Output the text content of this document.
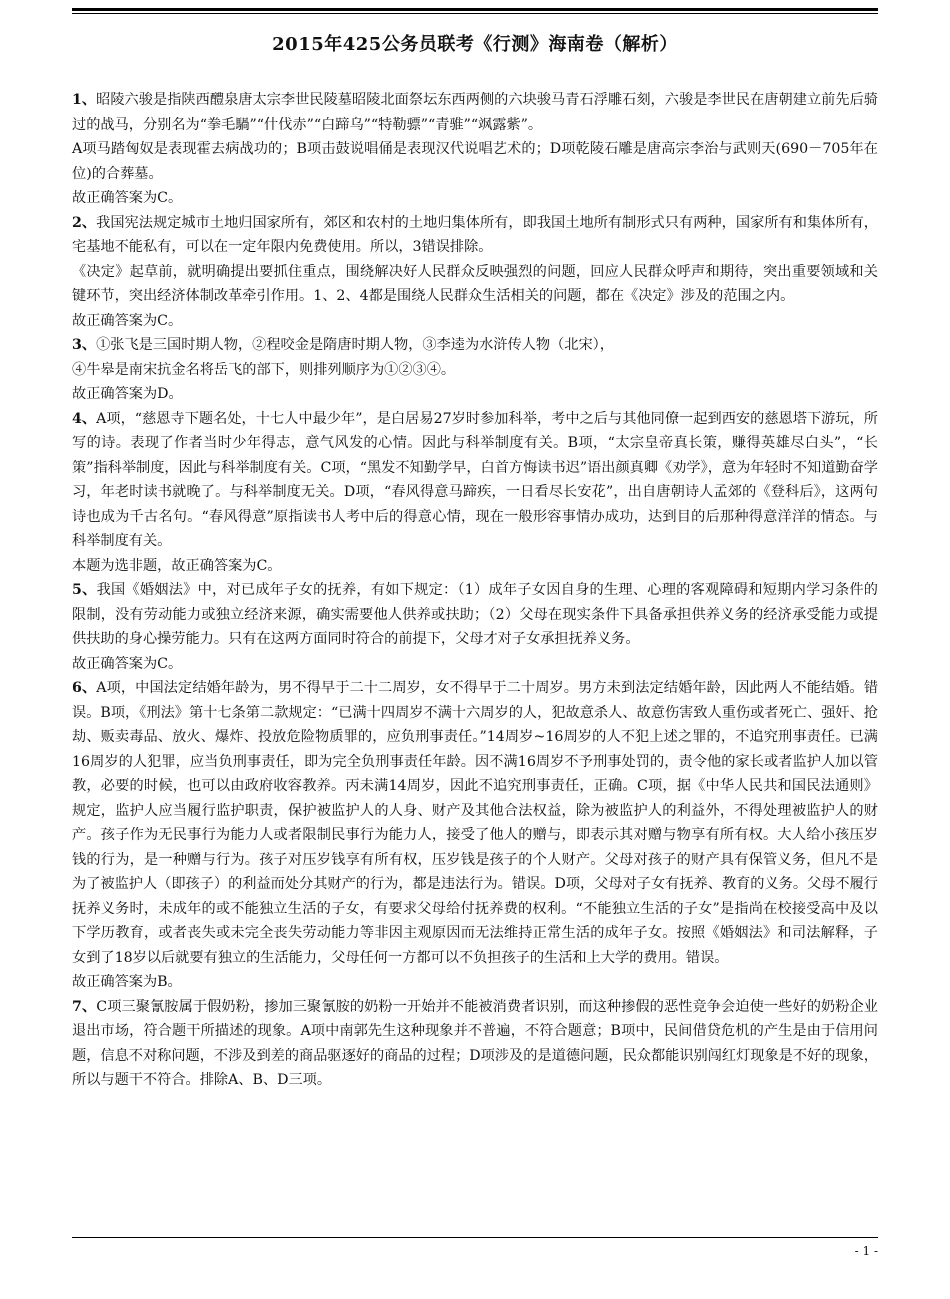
2015年425公务员联考《行测》海南卷（解析）

1、昭陵六骏是指陕西醴泉唐太宗李世民陵墓昭陵北面祭坛东西两侧的六块骏马青石浮雕石刻，六骏是李世民在唐朝建立前先后骑过的战马，分别名为“拳毛騧”“什伐赤”“白蹄乌”“特勒骠”“青骓”“飒露紫”。

A项马踏匈奴是表现霍去病战功的；B项击鼓说唱俑是表现汉代说唱艺术的；D项乾陵石雕是唐高宗李治与武则天(690－705年在位)的合葬墓。

故正确答案为C。

2、我国宪法规定城市土地归国家所有，郊区和农村的土地归集体所有，即我国土地所有制形式只有两种，国家所有和集体所有，宅基地不能私有，可以在一定年限内免费使用。所以，3错误排除。

《决定》起草前，就明确提出要抓住重点，围绕解决好人民群众反映强烈的问题，回应人民群众呼声和期待，突出重要领域和关键环节，突出经济体制改革牵引作用。1、2、4都是围绕人民群众生活相关的问题，都在《决定》涉及的范围之内。

故正确答案为C。

3、①张飞是三国时期人物，②程咬金是隋唐时期人物，③李逵为水浒传人物（北宋），

④牛皋是南宋抗金名将岳飞的部下，则排列顺序为①②③④。

故正确答案为D。

4、A项，“慈恩寺下题名处，十七人中最少年”，是白居易27岁时参加科举，考中之后与其他同僚一起到西安的慈恩塔下游玩，所写的诗。表现了作者当时少年得志，意气风发的心情。因此与科举制度有关。B项，“太宗皇帝真长策，赚得英雄尽白头”，“长策”指科举制度，因此与科举制度有关。C项，“黑发不知勤学早，白首方悔读书迟”语出颜真卿《劝学》，意为年轻时不知道勤奋学习，年老时读书就晚了。与科举制度无关。D项，“春风得意马蹄疾，一日看尽长安花”，出自唐朝诗人孟郊的《登科后》，这两句诗也成为千古名句。“春风得意”原指读书人考中后的得意心情，现在一般形容事情办成功，达到目的后那种得意洋洋的情态。与科举制度有关。

本题为选非题，故正确答案为C。

5、我国《婚姻法》中，对已成年子女的抚养，有如下规定：（1）成年子女因自身的生理、心理的客观障碍和短期内学习条件的限制，没有劳动能力或独立经济来源，确实需要他人供养或扶助；（2）父母在现实条件下具备承担供养义务的经济承受能力或提供扶助的身心操劳能力。只有在这两方面同时符合的前提下，父母才对子女承担抚养义务。

故正确答案为C。

6、A项，中国法定结婚年龄为，男不得早于二十二周岁，女不得早于二十周岁。男方未到法定结婚年龄，因此两人不能结婚。错误。B项，《刑法》第十七条第二款规定：“已满十四周岁不满十六周岁的人，犯故意杀人、故意伤害致人重伤或者死亡、强奸、抢劫、贩卖毒品、放火、爆炸、投放危险物质罪的，应负刑事责任。”14周岁~16周岁的人不犯上述之罪的，不追究刑事责任。已满16周岁的人犯罪，应当负刑事责任，即为完全负刑事责任年龄。因不满16周岁不予刑事处罚的，责令他的家长或者监护人加以管教，必要的时候，也可以由政府收容教养。丙未满14周岁，因此不追究刑事责任，正确。C项，据《中华人民共和国民法通则》规定，监护人应当履行监护职责，保护被监护人的人身、财产及其他合法权益，除为被监护人的利益外，不得处理被监护人的财产。孩子作为无民事行为能力人或者限制民事行为能力人，接受了他人的赠与，即表示其对赠与物享有所有权。大人给小孩压岁钱的行为，是一种赠与行为。孩子对压岁钱享有所有权，压岁钱是孩子的个人财产。父母对孩子的财产具有保管义务，但凡不是为了被监护人（即孩子）的利益而处分其财产的行为，都是违法行为。错误。D项，父母对子女有抚养、教育的义务。父母不履行抚养义务时，未成年的或不能独立生活的子女，有要求父母给付抚养费的权利。“不能独立生活的子女”是指尚在校接受高中及以下学历教育，或者丧失或未完全丧失劳动能力等非因主观原因而无法维持正常生活的成年子女。按照《婚姻法》和司法解释，子女到了18岁以后就要有独立的生活能力，父母任何一方都可以不负担孩子的生活和上大学的费用。错误。

故正确答案为B。

7、C项三聚氰胺属于假奶粉，掺加三聚氰胺的奶粉一开始并不能被消费者识别，而这种掺假的恶性竞争会迫使一些好的奶粉企业退出市场，符合题干所描述的现象。A项中南郭先生这种现象并不普遍，不符合题意；B项中，民间借贷危机的产生是由于信用问题，信息不对称问题，不涉及到差的商品驱逐好的商品的过程；D项涉及的是道德问题，民众都能识别闯红灯现象是不好的现象，所以与题干不符合。排除A、B、D三项。

- 1 -
